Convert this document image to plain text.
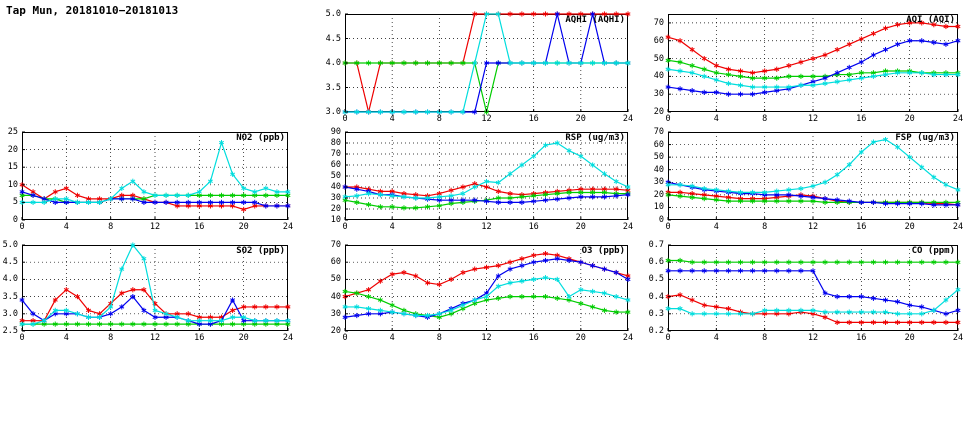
Tap Mun, 20181010−20181013
AQHI (AQHI)
3.0
3.5
4.0
4.5
5.0
0	4	8	12	16	20	24
AQI (AQI)
20
30
40
50
60
70
0	4	8	12	16	20	24
NO2 (ppb)
0
5
10
15
20
25
0	4	8	12	16	20	24
RSP (ug/m3)
10
20
30
40
50
60
70
80
90
0	4	8	12	16	20	24
FSP (ug/m3)
0
10
20
30
40
50
60
70
0	4	8	12	16	20	24
SO2 (ppb)
2.5
3.0
3.5
4.0
4.5
5.0
0	4	8	12	16	20	24
O3 (ppb)
20
30
40
50
60
70
0	4	8	12	16	20	24
CO (ppm)
0.2
0.3
0.4
0.5
0.6
0.7
0	4	8	12	16	20	24
